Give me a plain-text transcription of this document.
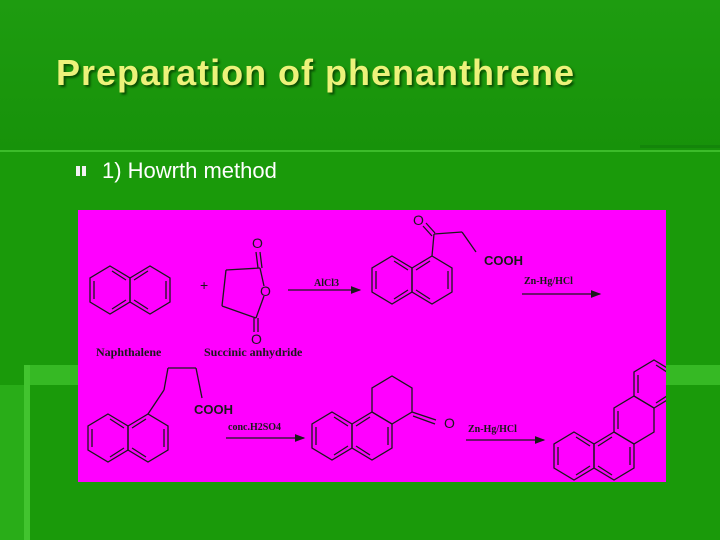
Preparation of phenanthrene
1) Howrth method
Naphthalene
+
O
O
O
Succinic anhydride
AlCl3
O
COOH
Zn-Hg/HCl
COOH
conc.H2SO4	O Zn-Hg/HCl
